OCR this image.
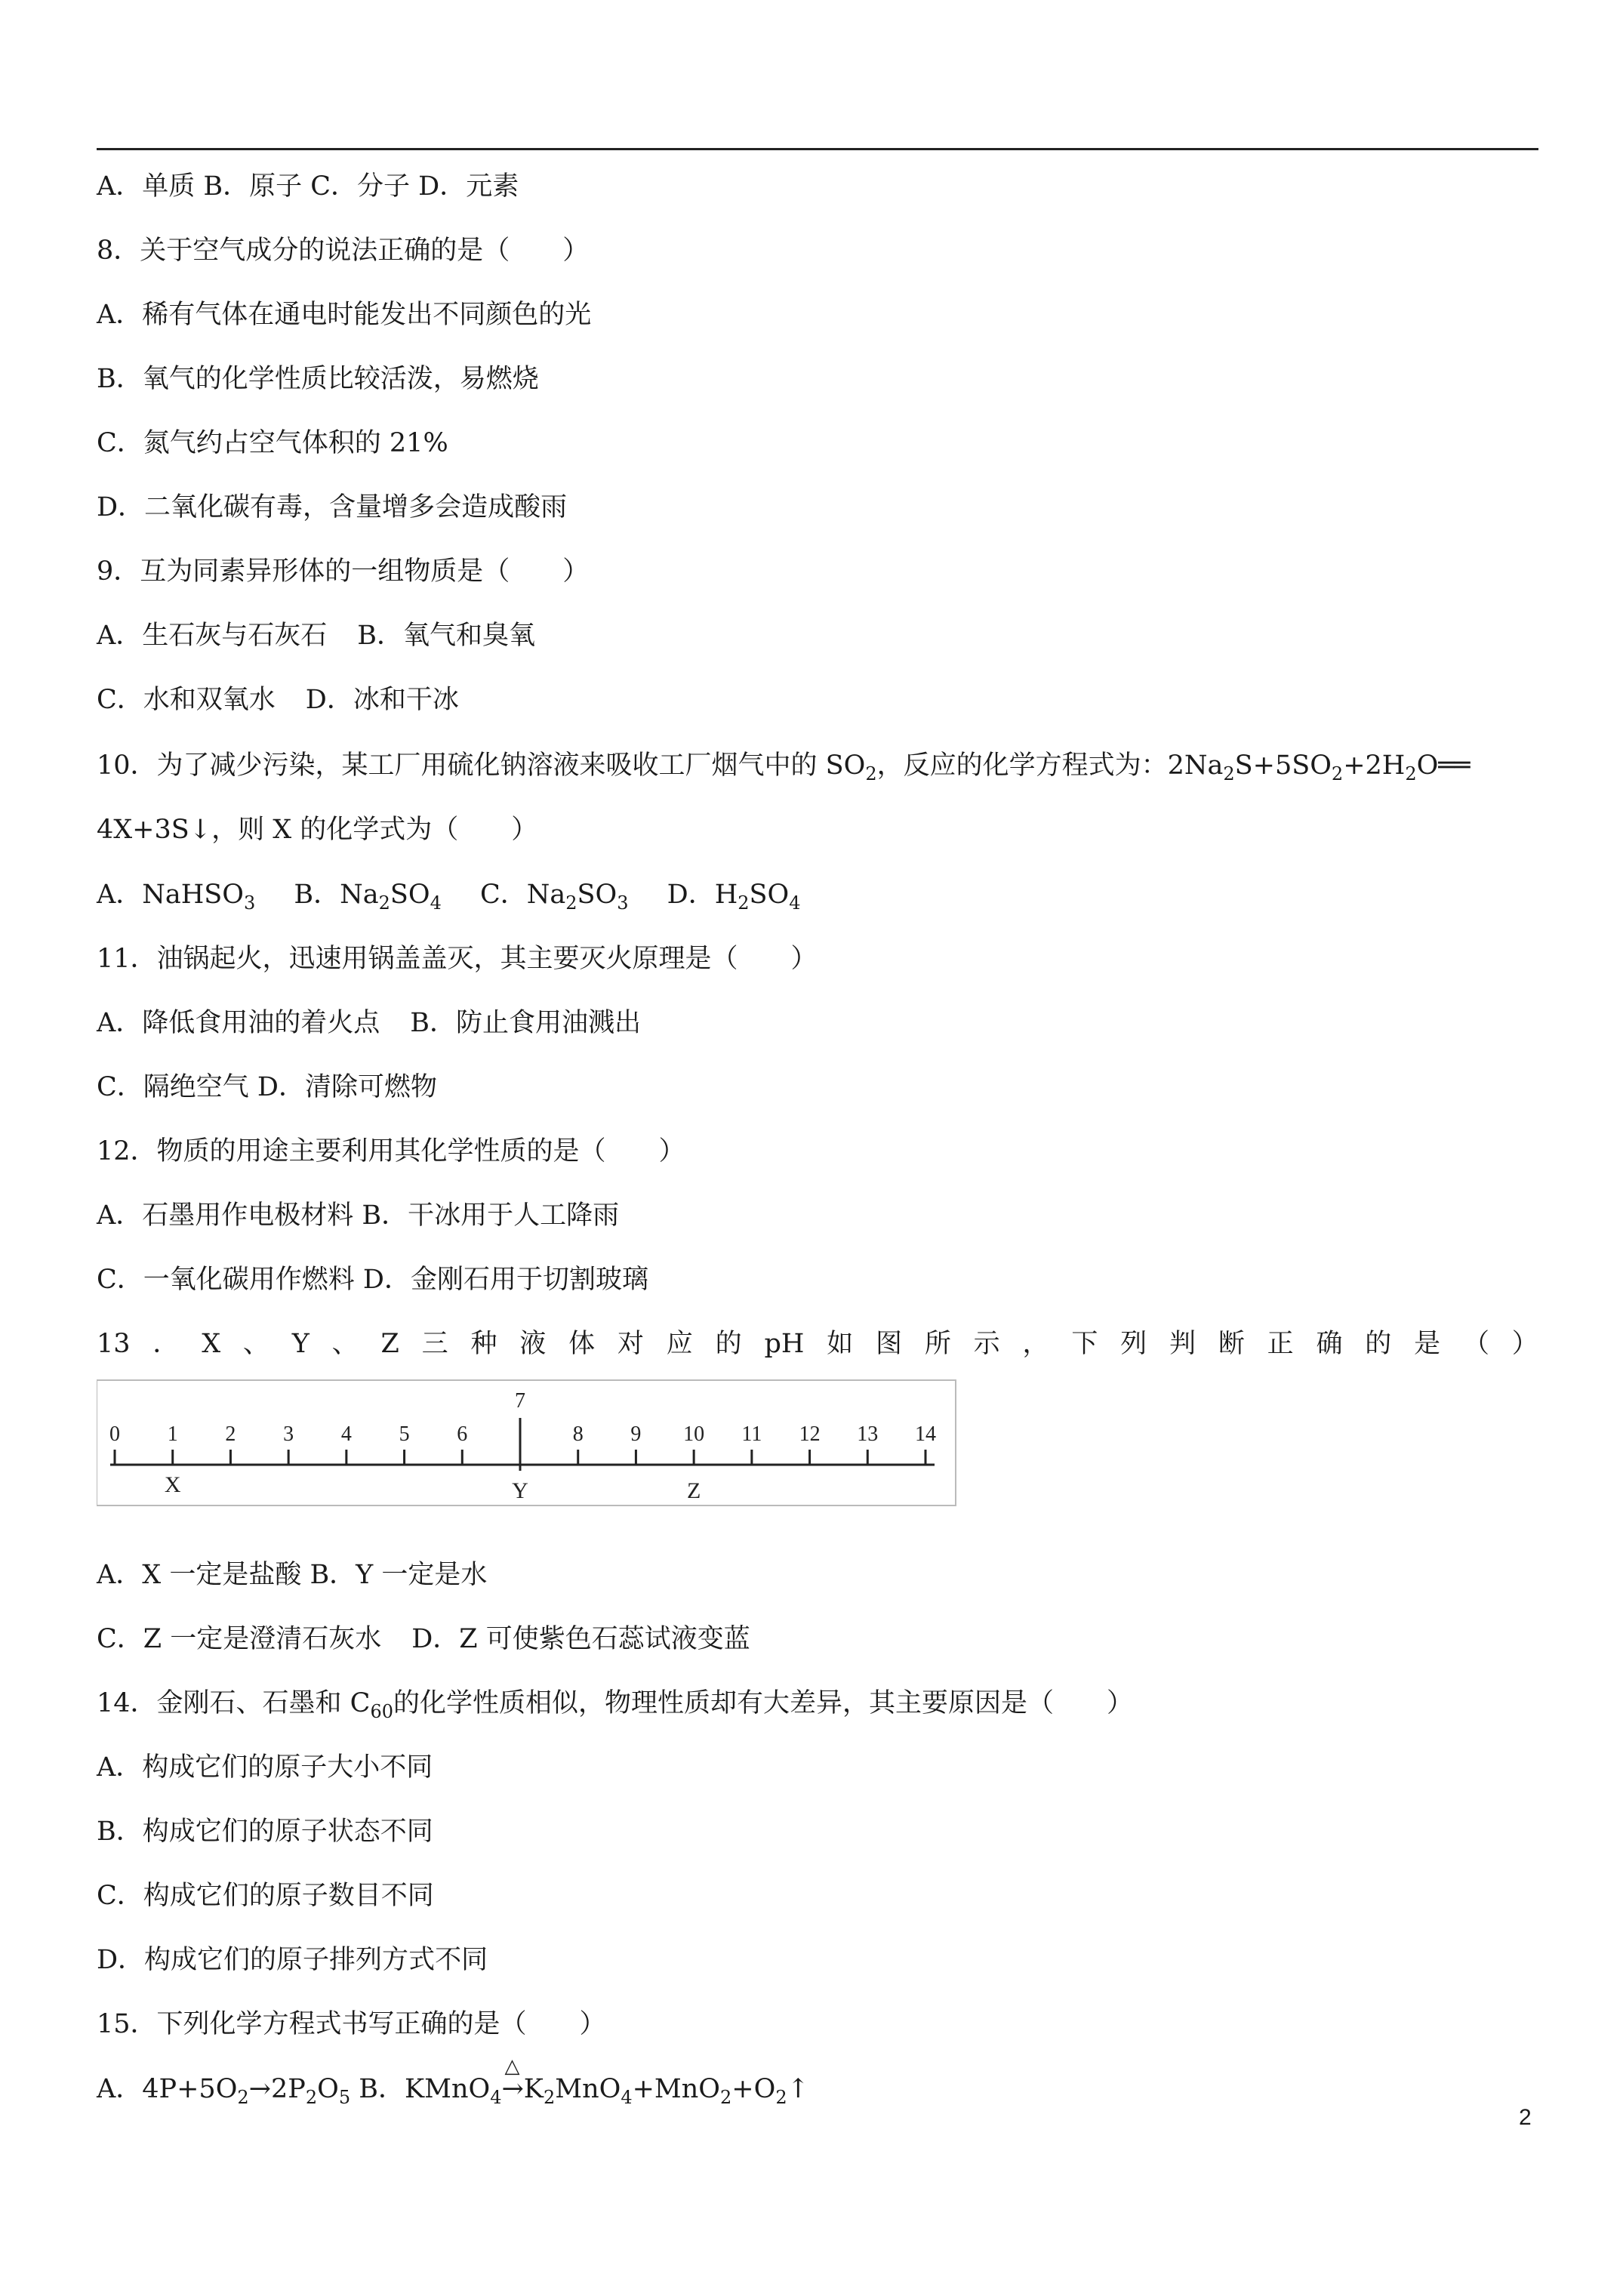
A．单质 B．原子 C．分子 D．元素
8．关于空气成分的说法正确的是（　　）
A．稀有气体在通电时能发出不同颜色的光
B．氧气的化学性质比较活泼，易燃烧
C．氮气约占空气体积的 21%
D．二氧化碳有毒，含量增多会造成酸雨
9．互为同素异形体的一组物质是（　　）
A．生石灰与石灰石 B．氧气和臭氧
C．水和双氧水 D．冰和干冰
10．为了减少污染，某工厂用硫化钠溶液来吸收工厂烟气中的 $SO_2$，反应的化学方程式为：$2Na_2S+5SO_2+2H_2O══$
4X+3S↓，则 X 的化学式为（　　）
A．NaHSO$_3$ B．$Na_2SO_4$ C．$Na_2SO_3$ D．$H_2SO_4$
11．油锅起火，迅速用锅盖盖灭，其主要灭火原理是（　　）
A．降低食用油的着火点 B．防止食用油溅出
C．隔绝空气 D．清除可燃物
12．物质的用途主要利用其化学性质的是（　　）
A．石墨用作电极材料 B．干冰用于人工降雨
C．一氧化碳用作燃料 D．金刚石用于切割玻璃
13 ． X 、 Y 、 Z 三 种 液 体 对 应 的 pH 如 图 所 示 ， 下 列 判 断 正 确 的 是 （ ）
0 1 2 3 4 5 6
7
8 9 10 11 12 13 14
X	Y	Z
A．X 一定是盐酸 B．Y 一定是水
C．Z 一定是澄清石灰水 D．Z 可使紫色石蕊试液变蓝
14．金刚石、石墨和 $C_{60}$的化学性质相似，物理性质却有大差异，其主要原因是（　　）
A．构成它们的原子大小不同
B．构成它们的原子状态不同
C．构成它们的原子数目不同
D．构成它们的原子排列方式不同
15．下列化学方程式书写正确的是（　　）
A．$4P+5O_2\to 2P_2O_5$ B．KMnO$_4$
△
$\to K_2MnO_4+MnO_2+O_2↑$
2
